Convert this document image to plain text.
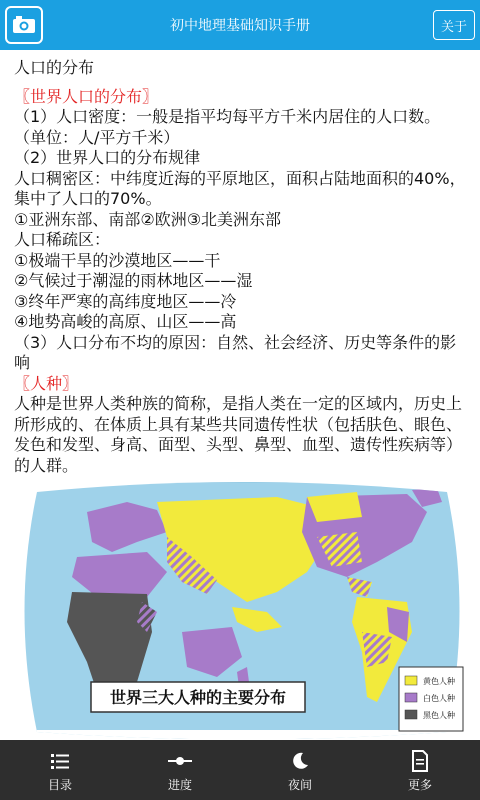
初中地理基础知识手册	关于

人口的分布

〖世界人口的分布〗

（1）人口密度：一般是指平均每平方千米内居住的人口数。

（单位：人/平方千米）

（2）世界人口的分布规律

人口稠密区：中纬度近海的平原地区，面积占陆地面积的40%，集中了人口的70%。

①亚洲东部、南部②欧洲③北美洲东部

人口稀疏区：

①极端干旱的沙漠地区——干

②气候过于潮湿的雨林地区——湿

③终年严寒的高纬度地区——冷

④地势高峻的高原、山区——高

（3）人口分布不均的原因：自然、社会经济、历史等条件的影响

〖人种〗

人种是世界人类种族的简称，是指人类在一定的区域内，历史上所形成的、在体质上具有某些共同遗传性状（包括肤色、眼色、发色和发型、身高、面型、头型、鼻型、血型、遗传性疾病等）的人群。

世界三大人种的主要分布
黄色人种
白色人种
黑色人种
目录	进度	夜间	更多
